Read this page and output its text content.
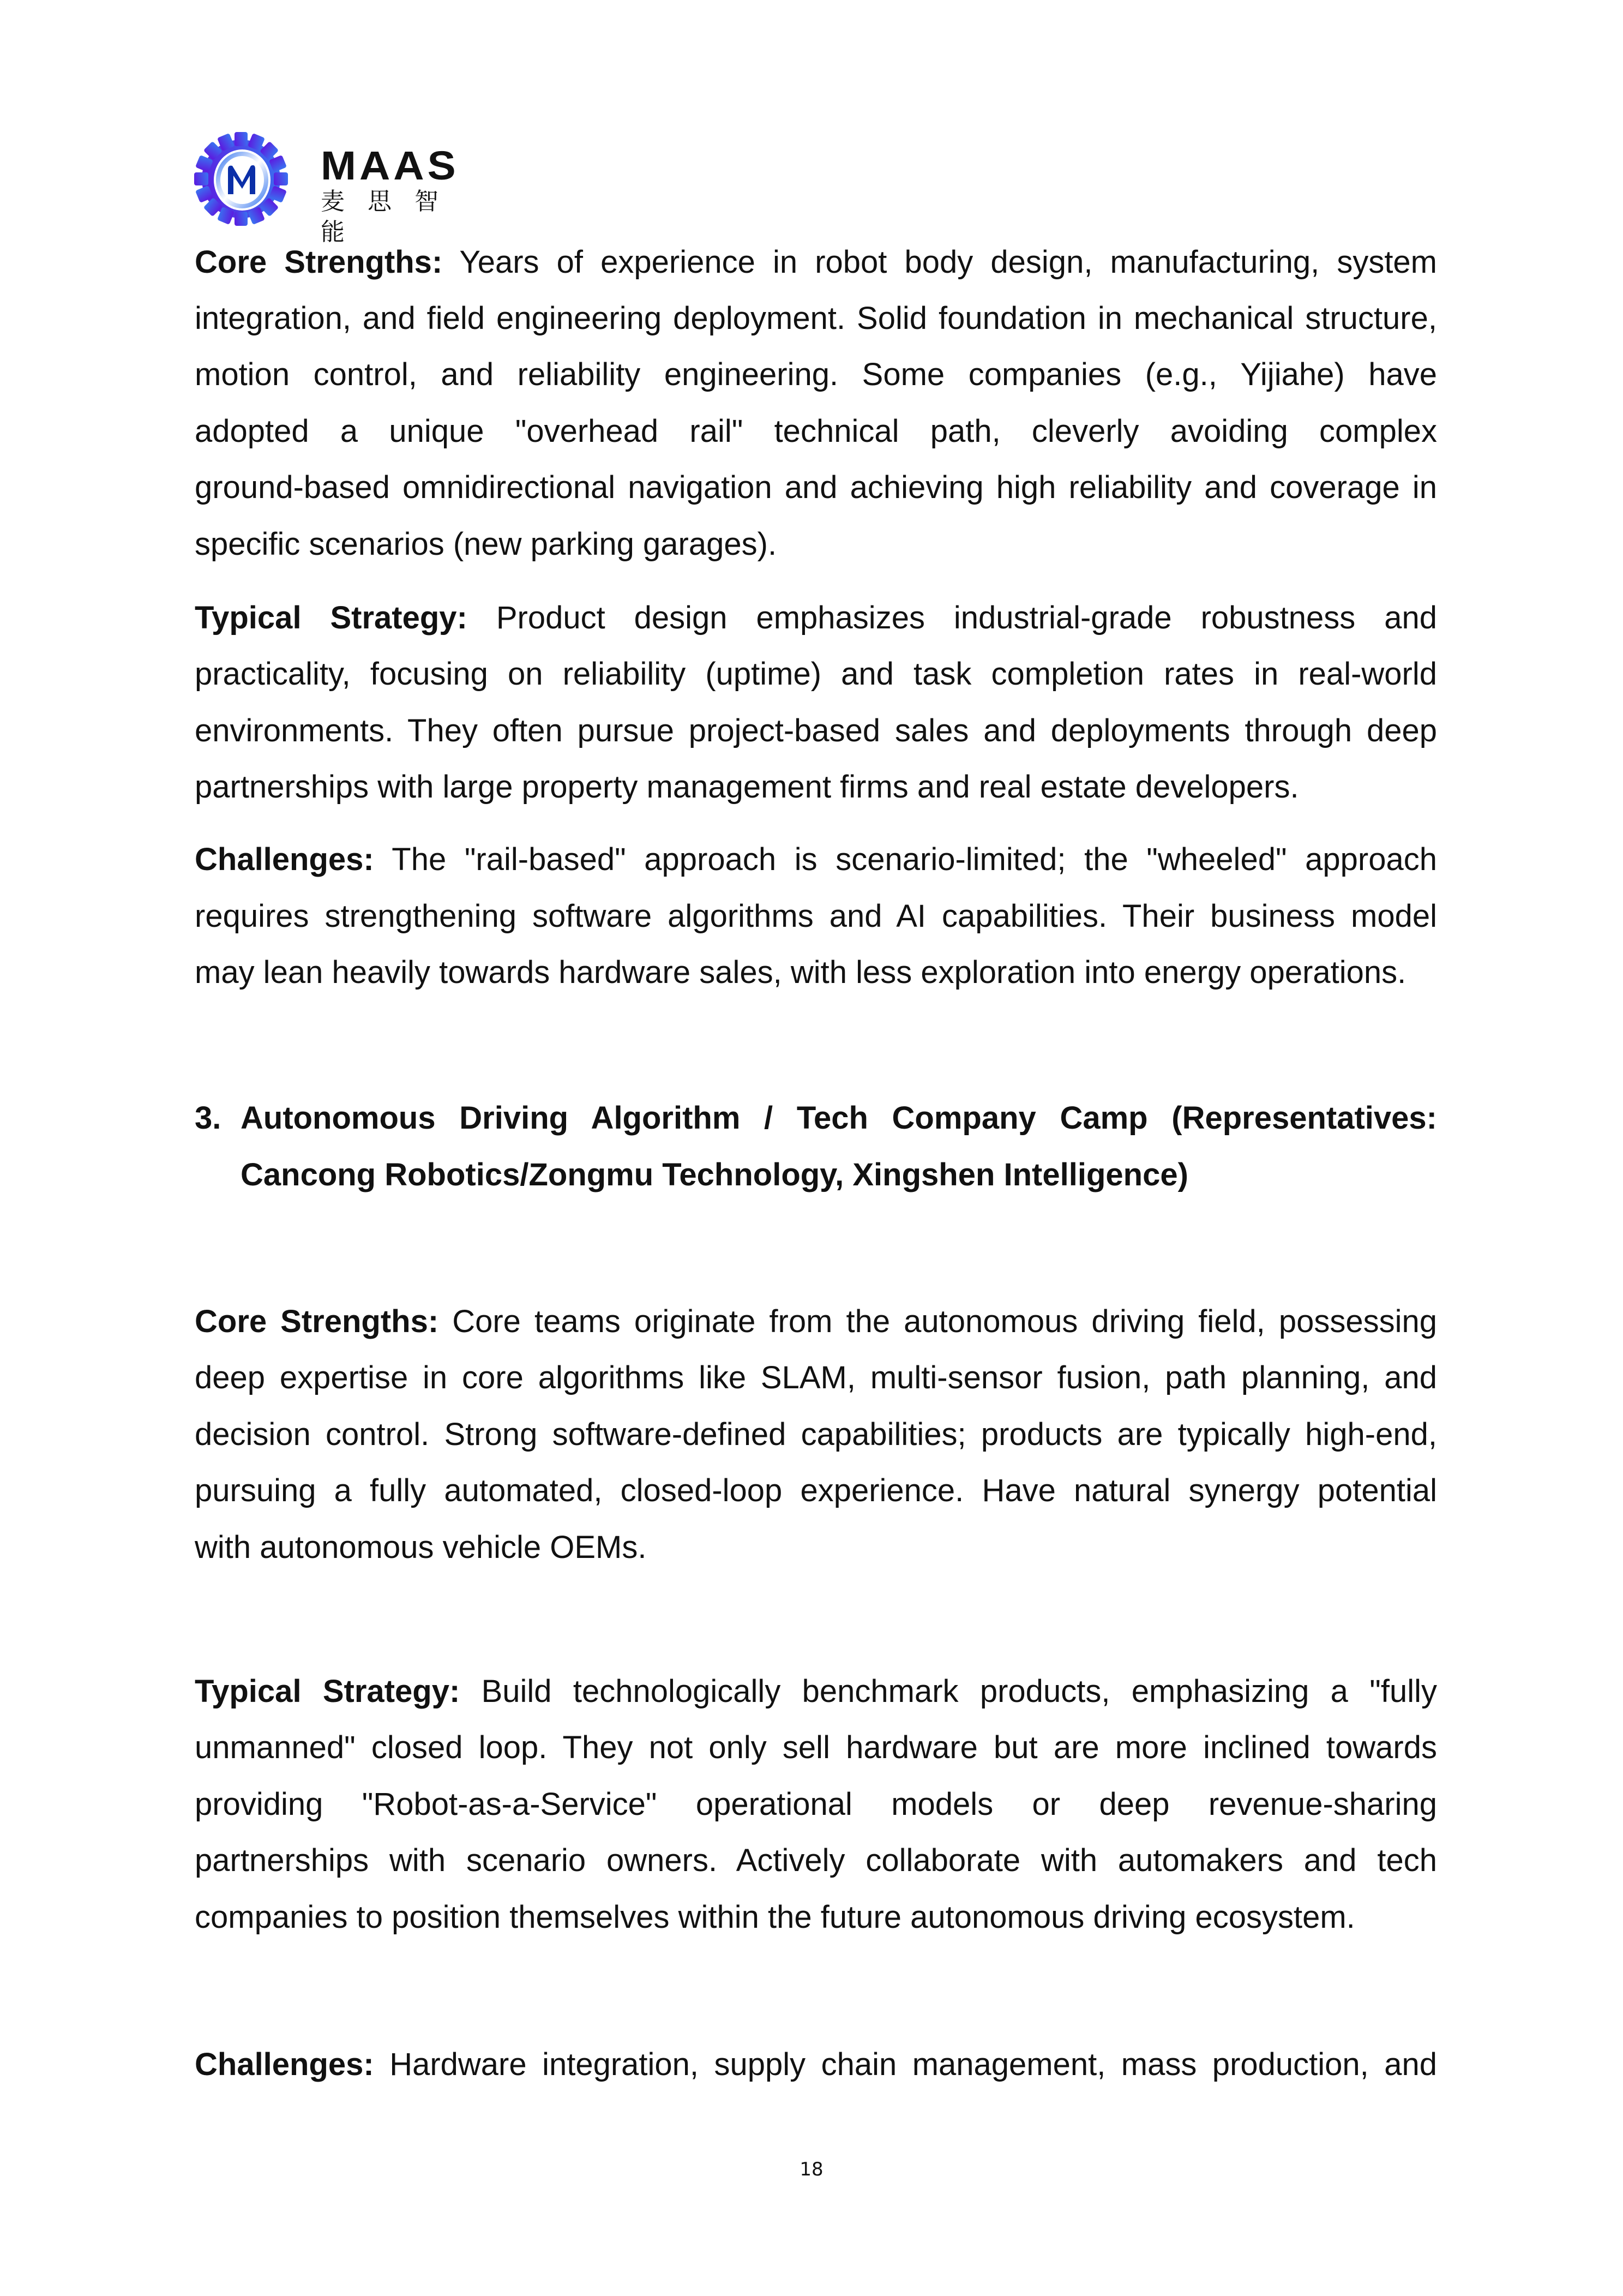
MAAS
麦思智能
Core Strengths: Years of experience in robot body design, manufacturing, system
integration, and field engineering deployment. Solid foundation in mechanical structure,
motion control, and reliability engineering. Some companies (e.g., Yijiahe) have
adopted a unique "overhead rail" technical path, cleverly avoiding complex
ground-based omnidirectional navigation and achieving high reliability and coverage in
specific scenarios (new parking garages).
Typical Strategy: Product design emphasizes industrial-grade robustness and
practicality, focusing on reliability (uptime) and task completion rates in real-world
environments. They often pursue project-based sales and deployments through deep
partnerships with large property management firms and real estate developers.
Challenges: The "rail-based" approach is scenario-limited; the "wheeled" approach
requires strengthening software algorithms and AI capabilities. Their business model
may lean heavily towards hardware sales, with less exploration into energy operations.
3. Autonomous Driving Algorithm / Tech Company Camp (Representatives:
Cancong Robotics/Zongmu Technology, Xingshen Intelligence)
Core Strengths: Core teams originate from the autonomous driving field, possessing
deep expertise in core algorithms like SLAM, multi-sensor fusion, path planning, and
decision control. Strong software-defined capabilities; products are typically high-end,
pursuing a fully automated, closed-loop experience. Have natural synergy potential
with autonomous vehicle OEMs.
Typical Strategy: Build technologically benchmark products, emphasizing a "fully
unmanned" closed loop. They not only sell hardware but are more inclined towards
providing "Robot-as-a-Service" operational models or deep revenue-sharing
partnerships with scenario owners. Actively collaborate with automakers and tech
companies to position themselves within the future autonomous driving ecosystem.
Challenges: Hardware integration, supply chain management, mass production, and
18
